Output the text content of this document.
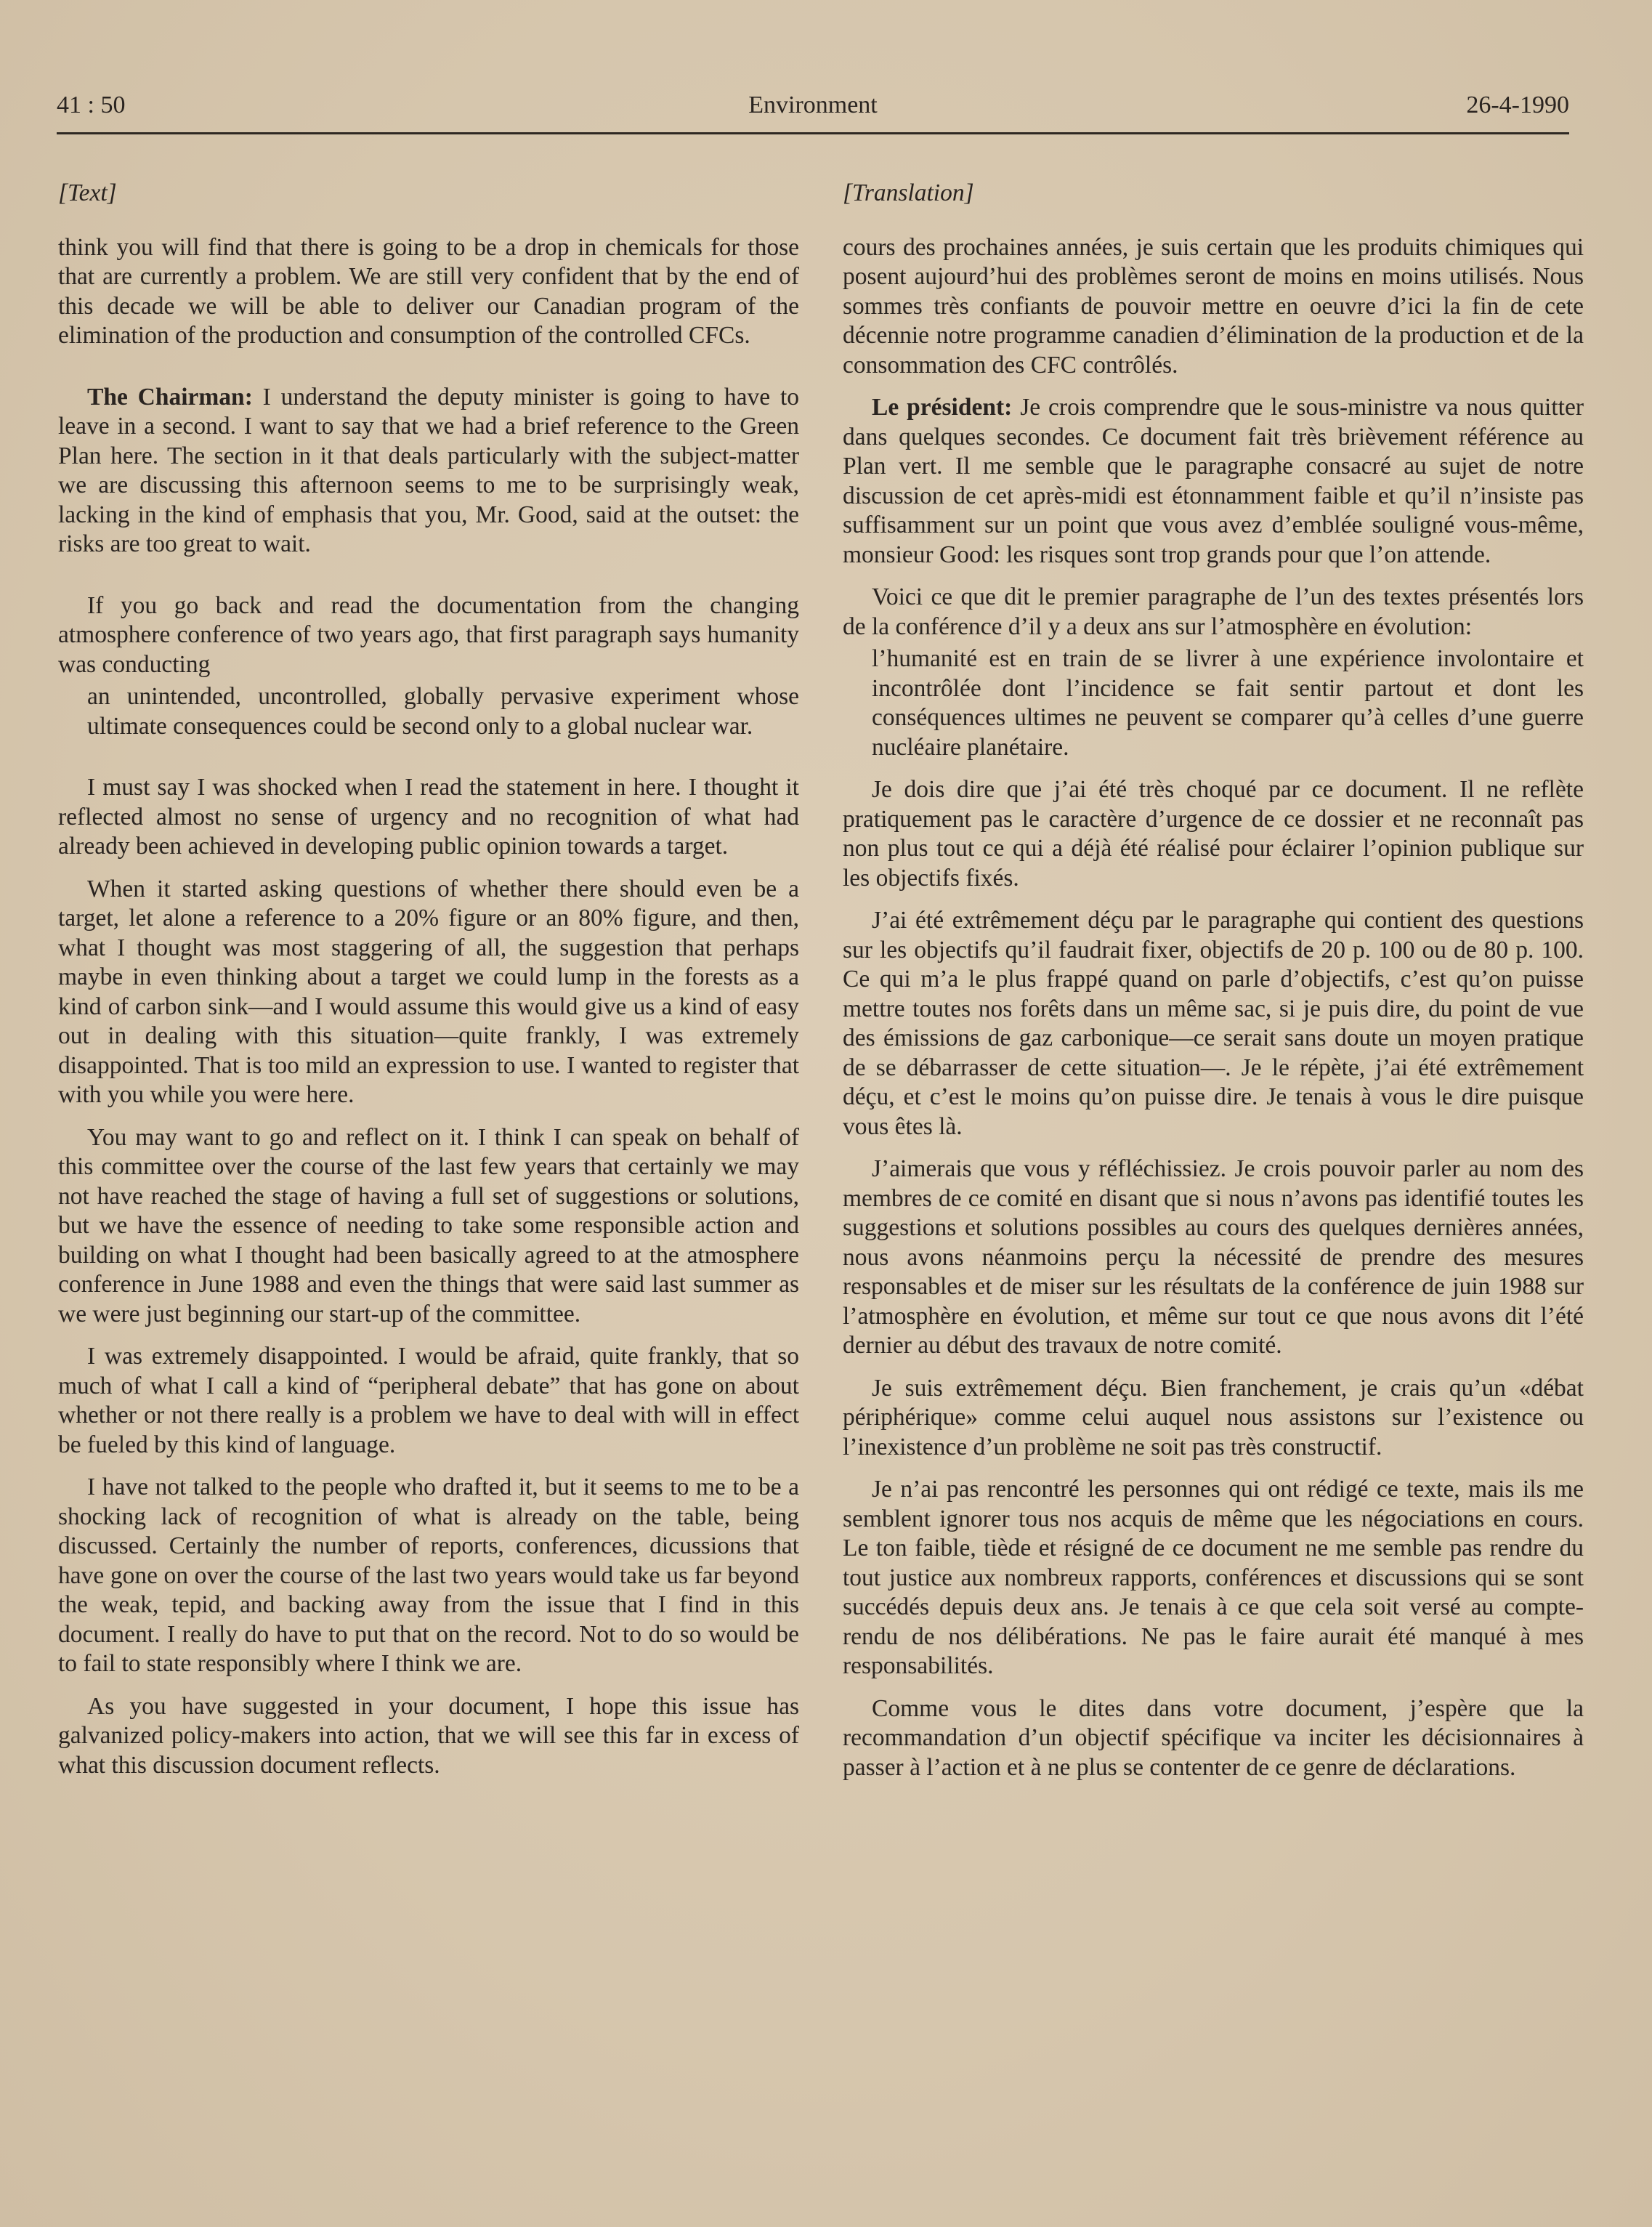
41 : 50	Environment	26-4-1990
[Text]

think you will find that there is going to be a drop in chemicals for those that are currently a problem. We are still very confident that by the end of this decade we will be able to deliver our Canadian program of the elimination of the production and consumption of the controlled CFCs.

The Chairman: I understand the deputy minister is going to have to leave in a second. I want to say that we had a brief reference to the Green Plan here. The section in it that deals particularly with the subject-matter we are discussing this afternoon seems to me to be surprisingly weak, lacking in the kind of emphasis that you, Mr. Good, said at the outset: the risks are too great to wait.

If you go back and read the documentation from the changing atmosphere conference of two years ago, that first paragraph says humanity was conducting

an unintended, uncontrolled, globally pervasive experiment whose ultimate consequences could be second only to a global nuclear war.

I must say I was shocked when I read the statement in here. I thought it reflected almost no sense of urgency and no recognition of what had already been achieved in developing public opinion towards a target.

When it started asking questions of whether there should even be a target, let alone a reference to a 20% figure or an 80% figure, and then, what I thought was most staggering of all, the suggestion that perhaps maybe in even thinking about a target we could lump in the forests as a kind of carbon sink—and I would assume this would give us a kind of easy out in dealing with this situation—quite frankly, I was extremely disappointed. That is too mild an expression to use. I wanted to register that with you while you were here.

You may want to go and reflect on it. I think I can speak on behalf of this committee over the course of the last few years that certainly we may not have reached the stage of having a full set of suggestions or solutions, but we have the essence of needing to take some responsible action and building on what I thought had been basically agreed to at the atmosphere conference in June 1988 and even the things that were said last summer as we were just beginning our start-up of the committee.

I was extremely disappointed. I would be afraid, quite frankly, that so much of what I call a kind of “peripheral debate” that has gone on about whether or not there really is a problem we have to deal with will in effect be fueled by this kind of language.

I have not talked to the people who drafted it, but it seems to me to be a shocking lack of recognition of what is already on the table, being discussed. Certainly the number of reports, conferences, dicussions that have gone on over the course of the last two years would take us far beyond the weak, tepid, and backing away from the issue that I find in this document. I really do have to put that on the record. Not to do so would be to fail to state responsibly where I think we are.

As you have suggested in your document, I hope this issue has galvanized policy-makers into action, that we will see this far in excess of what this discussion document reflects.

[Translation]

cours des prochaines années, je suis certain que les produits chimiques qui posent aujourd’hui des problèmes seront de moins en moins utilisés. Nous sommes très confiants de pouvoir mettre en oeuvre d’ici la fin de cete décennie notre programme canadien d’élimination de la production et de la consommation des CFC contrôlés.

Le président: Je crois comprendre que le sous-ministre va nous quitter dans quelques secondes. Ce document fait très brièvement référence au Plan vert. Il me semble que le paragraphe consacré au sujet de notre discussion de cet après-midi est étonnamment faible et qu’il n’insiste pas suffisamment sur un point que vous avez d’emblée souligné vous-même, monsieur Good: les risques sont trop grands pour que l’on attende.

Voici ce que dit le premier paragraphe de l’un des textes présentés lors de la conférence d’il y a deux ans sur l’atmosphère en évolution:

l’humanité est en train de se livrer à une expérience involontaire et incontrôlée dont l’incidence se fait sentir partout et dont les conséquences ultimes ne peuvent se comparer qu’à celles d’une guerre nucléaire planétaire.

Je dois dire que j’ai été très choqué par ce document. Il ne reflète pratiquement pas le caractère d’urgence de ce dossier et ne reconnaît pas non plus tout ce qui a déjà été réalisé pour éclairer l’opinion publique sur les objectifs fixés.

J’ai été extrêmement déçu par le paragraphe qui contient des questions sur les objectifs qu’il faudrait fixer, objectifs de 20 p. 100 ou de 80 p. 100. Ce qui m’a le plus frappé quand on parle d’objectifs, c’est qu’on puisse mettre toutes nos forêts dans un même sac, si je puis dire, du point de vue des émissions de gaz carbonique—ce serait sans doute un moyen pratique de se débarrasser de cette situation—. Je le répète, j’ai été extrêmement déçu, et c’est le moins qu’on puisse dire. Je tenais à vous le dire puisque vous êtes là.

J’aimerais que vous y réfléchissiez. Je crois pouvoir parler au nom des membres de ce comité en disant que si nous n’avons pas identifié toutes les suggestions et solutions possibles au cours des quelques dernières années, nous avons néanmoins perçu la nécessité de prendre des mesures responsables et de miser sur les résultats de la conférence de juin 1988 sur l’atmosphère en évolution, et même sur tout ce que nous avons dit l’été dernier au début des travaux de notre comité.

Je suis extrêmement déçu. Bien franchement, je crais qu’un «débat périphérique» comme celui auquel nous assistons sur l’existence ou l’inexistence d’un problème ne soit pas très constructif.

Je n’ai pas rencontré les personnes qui ont rédigé ce texte, mais ils me semblent ignorer tous nos acquis de même que les négociations en cours. Le ton faible, tiède et résigné de ce document ne me semble pas rendre du tout justice aux nombreux rapports, conférences et discussions qui se sont succédés depuis deux ans. Je tenais à ce que cela soit versé au compte-rendu de nos délibérations. Ne pas le faire aurait été manqué à mes responsabilités.

Comme vous le dites dans votre document, j’espère que la recommandation d’un objectif spécifique va inciter les décisionnaires à passer à l’action et à ne plus se contenter de ce genre de déclarations.
